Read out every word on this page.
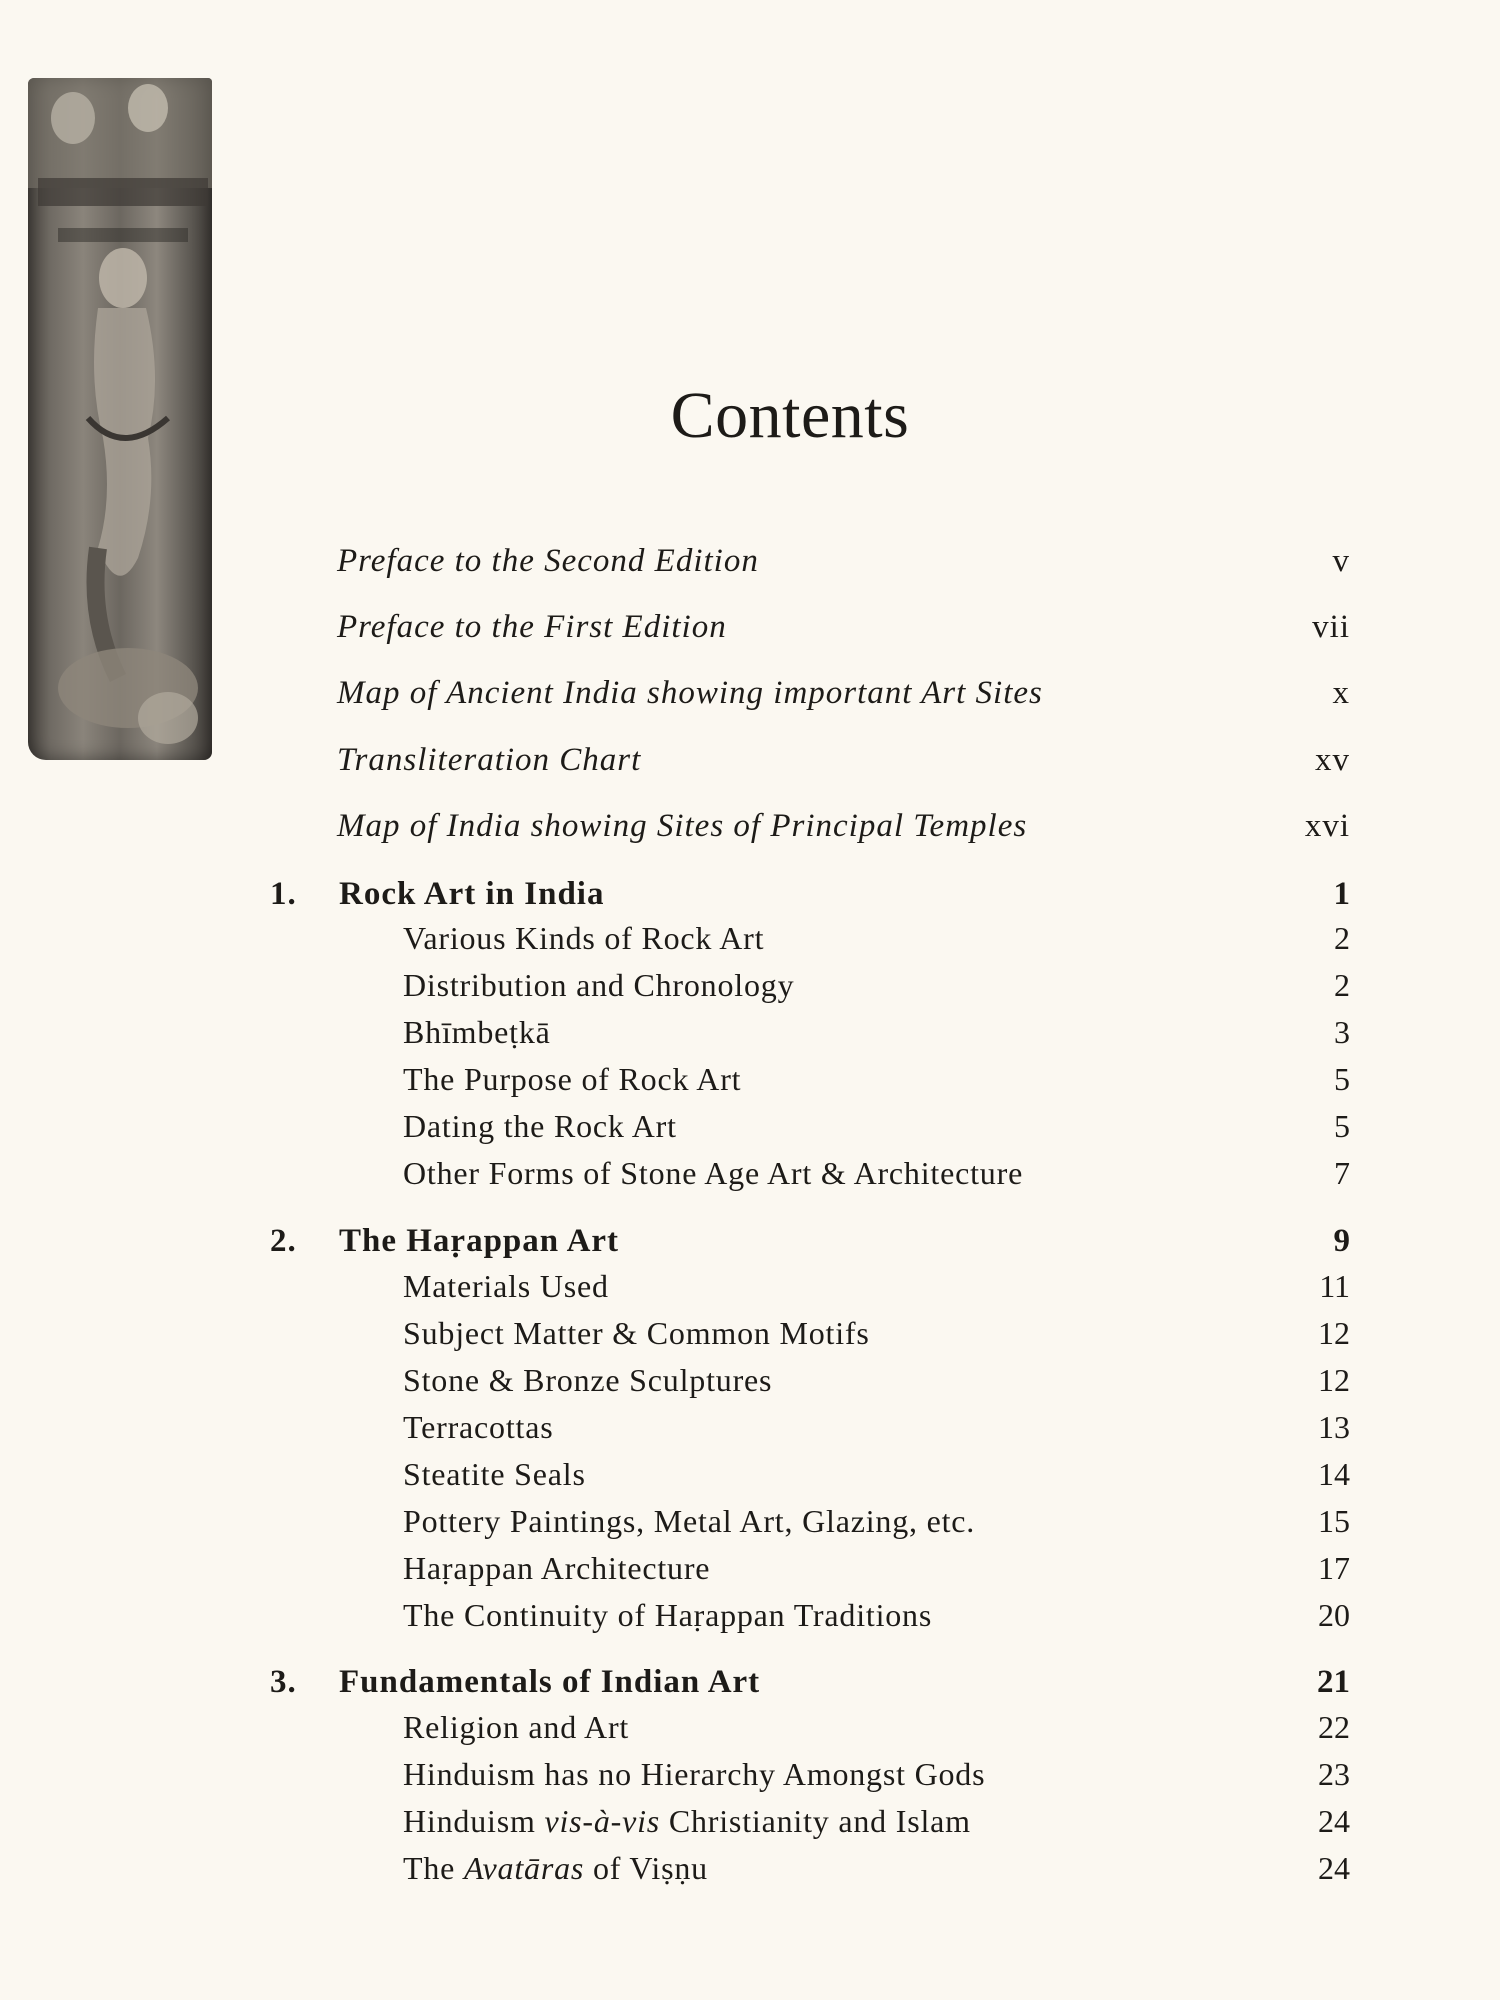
Contents
Preface to the Second Edition	v
Preface to the First Edition	vii
Map of Ancient India showing important Art Sites	x
Transliteration Chart	xv
Map of India showing Sites of Principal Temples	xvi
1. Rock Art in India	1
Various Kinds of Rock Art	2
Distribution and Chronology	2
Bhīmbeṭkā	3
The Purpose of Rock Art	5
Dating the Rock Art	5
Other Forms of Stone Age Art & Architecture	7
2. The Haṛappan Art	9
Materials Used	11
Subject Matter & Common Motifs	12
Stone & Bronze Sculptures	12
Terracottas	13
Steatite Seals	14
Pottery Paintings, Metal Art, Glazing, etc.	15
Haṛappan Architecture	17
The Continuity of Haṛappan Traditions	20
3. Fundamentals of Indian Art	21
Religion and Art	22
Hinduism has no Hierarchy Amongst Gods	23
Hinduism vis-à-vis Christianity and Islam	24
The Avatāras of Viṣṇu	24
